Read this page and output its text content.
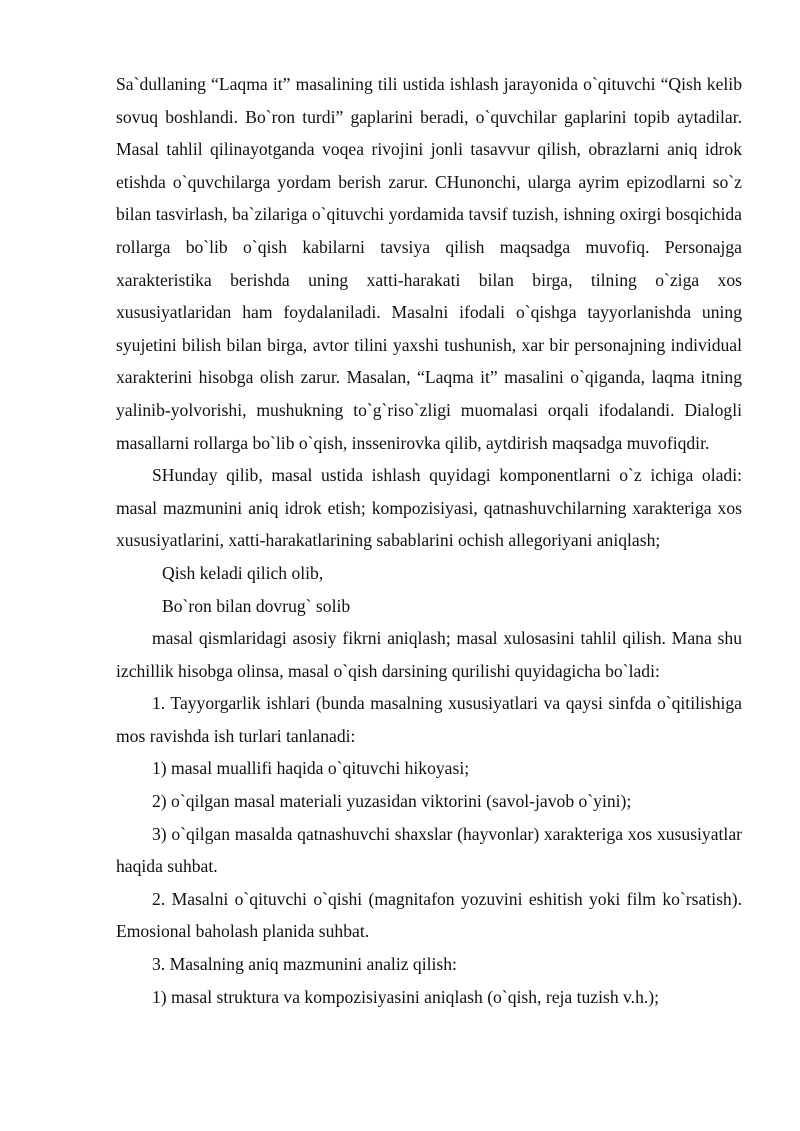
Sa`dullaning “Laqma it” masalining tili ustida ishlash jarayonida o`qituvchi “Qish kelib sovuq boshlandi. Bo`ron turdi” gaplarini beradi, o`quvchilar gaplarini topib aytadilar. Masal tahlil qilinayotganda voqea rivojini jonli tasavvur qilish, obrazlarni aniq idrok etishda o`quvchilarga yordam berish zarur. CHunonchi, ularga ayrim epizodlarni so`z bilan tasvirlash, ba`zilariga o`qituvchi yordamida tavsif tuzish, ishning oxirgi bosqichida rollarga bo`lib o`qish kabilarni tavsiya qilish maqsadga muvofiq. Personajga xarakteristika berishda uning xatti-harakati bilan birga, tilning o`ziga xos xususiyatlaridan ham foydalaniladi. Masalni ifodali o`qishga tayyorlanishda uning syujetini bilish bilan birga, avtor tilini yaxshi tushunish, xar bir personajning individual xarakterini hisobga olish zarur. Masalan, “Laqma it” masalini o`qiganda, laqma itning yalinib-yolvorishi, mushukning to`g`riso`zligi muomalasi orqali ifodalandi. Dialogli masallarni rollarga bo`lib o`qish, inssenirovka qilib, aytdirish maqsadga muvofiqdir.

SHunday qilib, masal ustida ishlash quyidagi komponentlarni o`z ichiga oladi: masal mazmunini aniq idrok etish; kompozisiyasi, qatnashuvchilarning xarakteriga xos xususiyatlarini, xatti-harakatlarining sabablarini ochish allegoriyani aniqlash;

Qish keladi qilich olib,

Bo`ron bilan dovrug` solib

masal qismlaridagi asosiy fikrni aniqlash; masal xulosasini tahlil qilish. Mana shu izchillik hisobga olinsa, masal o`qish darsining qurilishi quyidagicha bo`ladi:

1. Tayyorgarlik ishlari (bunda masalning xususiyatlari va qaysi sinfda o`qitilishiga mos ravishda ish turlari tanlanadi:

1) masal muallifi haqida o`qituvchi hikoyasi;

2) o`qilgan masal materiali yuzasidan viktorini (savol-javob o`yini);

3) o`qilgan masalda qatnashuvchi shaxslar (hayvonlar) xarakteriga xos xususiyatlar haqida suhbat.

2. Masalni o`qituvchi o`qishi (magnitafon yozuvini eshitish yoki film ko`rsatish). Emosional baholash planida suhbat.

3. Masalning aniq mazmunini analiz qilish:

1) masal struktura va kompozisiyasini aniqlash (o`qish, reja tuzish v.h.);
